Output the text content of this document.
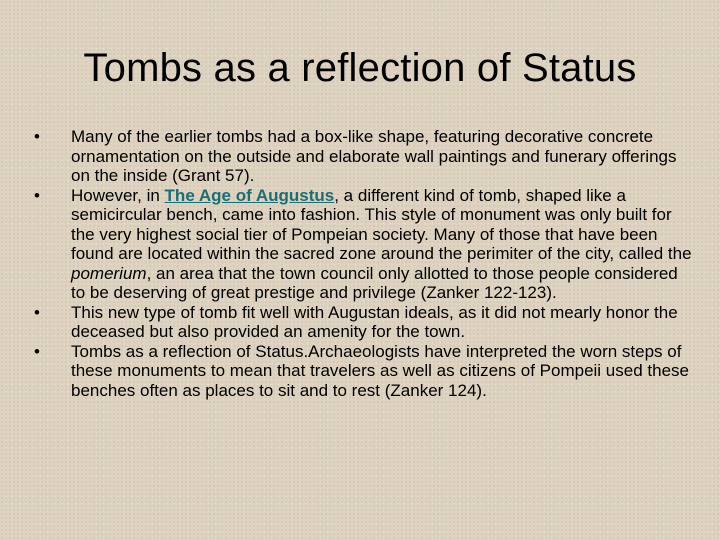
Tombs as a reflection of Status
• Many of the earlier tombs had a box-like shape, featuring decorative concrete ornamentation on the outside and elaborate wall paintings and funerary offerings on the inside (Grant 57).
• However, in The Age of Augustus, a different kind of tomb, shaped like a semicircular bench, came into fashion. This style of monument was only built for the very highest social tier of Pompeian society. Many of those that have been found are located within the sacred zone around the perimiter of the city, called the pomerium, an area that the town council only allotted to those people considered to be deserving of great prestige and privilege (Zanker 122-123).
• This new type of tomb fit well with Augustan ideals, as it did not mearly honor the deceased but also provided an amenity for the town.
• Tombs as a reflection of Status.Archaeologists have interpreted the worn steps of these monuments to mean that travelers as well as citizens of Pompeii used these benches often as places to sit and to rest (Zanker 124).
